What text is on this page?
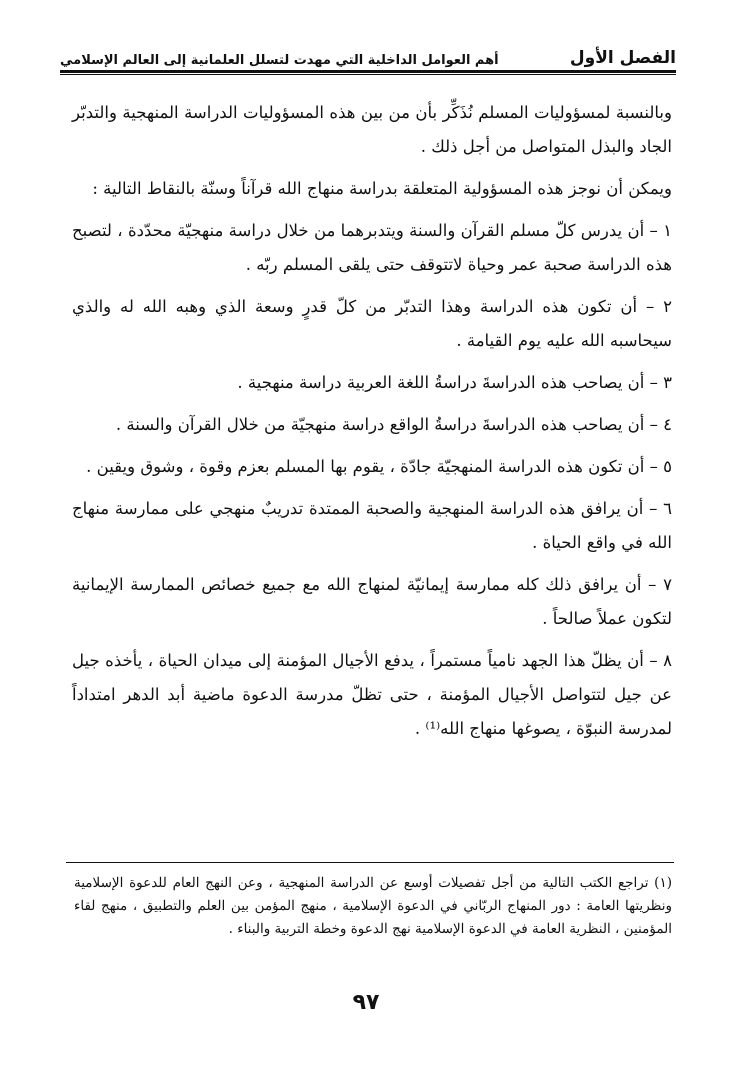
الفصل الأول
أهم العوامل الداخلية التي مهدت لتسلل العلمانية إلى العالم الإسلامي

وبالنسبة لمسؤوليات المسلم نُذَكِّر بأن من بين هذه المسؤوليات الدراسة المنهجية والتدبّر الجاد والبذل المتواصل من أجل ذلك .

ويمكن أن نوجز هذه المسؤولية المتعلقة بدراسة منهاج الله قرآناً وسنّة بالنقاط التالية :

١ – أن يدرس كلّ مسلم القرآن والسنة ويتدبرهما من خلال دراسة منهجيّة محدّدة ، لتصبح هذه الدراسة صحبة عمر وحياة لاتتوقف حتى يلقى المسلم ربّه .

٢ – أن تكون هذه الدراسة وهذا التدبّر من كلّ قدرٍ وسعة الذي وهبه الله له والذي سيحاسبه الله عليه يوم القيامة .

٣ – أن يصاحب هذه الدراسةَ دراسةُ اللغة العربية دراسة منهجية .

٤ – أن يصاحب هذه الدراسةَ دراسةُ الواقع دراسة منهجيّة من خلال القرآن والسنة .

٥ – أن تكون هذه الدراسة المنهجيّة جادّة ، يقوم بها المسلم بعزم وقوة ، وشوق ويقين .

٦ – أن يرافق هذه الدراسة المنهجية والصحبة الممتدة تدريبٌ منهجي على ممارسة منهاج الله في واقع الحياة .

٧ – أن يرافق ذلك كله ممارسة إيمانيّة لمنهاج الله مع جميع خصائص الممارسة الإيمانية لتكون عملاً صالحاً .

٨ – أن يظلّ هذا الجهد نامياً مستمراً ، يدفع الأجيال المؤمنة إلى ميدان الحياة ، يأخذه جيل عن جيل لتتواصل الأجيال المؤمنة ، حتى تظلّ مدرسة الدعوة ماضية أبد الدهر امتداداً لمدرسة النبوّة ، يصوغها منهاج الله⁽¹⁾ .

(١) تراجع الكتب التالية من أجل تفصيلات أوسع عن الدراسة المنهجية ، وعن النهج العام للدعوة الإسلامية ونظريتها العامة : دور المنهاج الربّاني في الدعوة الإسلامية ، منهج المؤمن بين العلم والتطبيق ، منهج لقاء المؤمنين ، النظرية العامة في الدعوة الإسلامية نهج الدعوة وخطة التربية والبناء .

٩٧
